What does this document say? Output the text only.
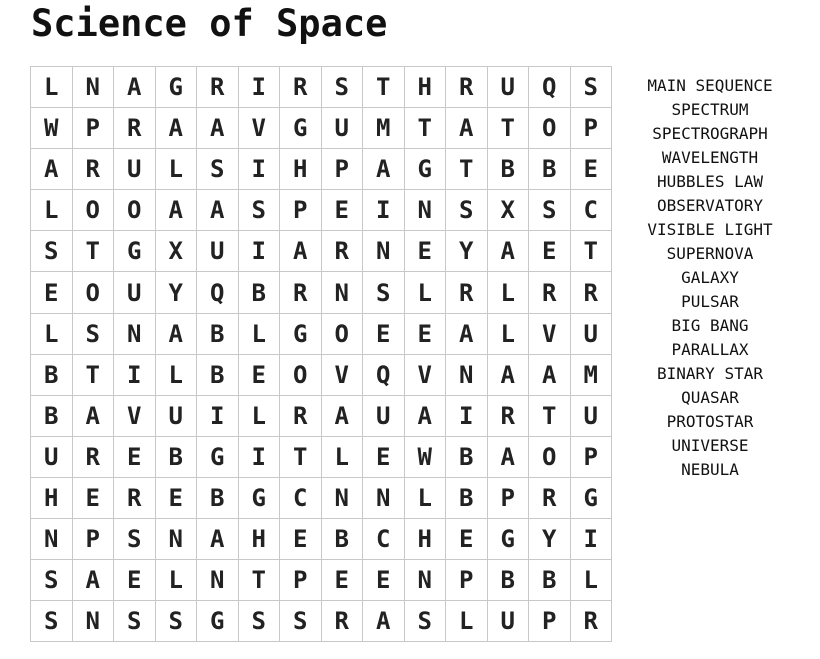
Science of Space
L	N	A	G	R	I	R	S	T	H	R	U	Q	S
W	P	R	A	A	V	G	U	M	T	A	T	O	P
A	R	U	L	S	I	H	P	A	G	T	B	B	E
L	O	O	A	A	S	P	E	I	N	S	X	S	C
S	T	G	X	U	I	A	R	N	E	Y	A	E	T
E	O	U	Y	Q	B	R	N	S	L	R	L	R	R
L	S	N	A	B	L	G	O	E	E	A	L	V	U
B	T	I	L	B	E	O	V	Q	V	N	A	A	M
B	A	V	U	I	L	R	A	U	A	I	R	T	U
U	R	E	B	G	I	T	L	E	W	B	A	O	P
H	E	R	E	B	G	C	N	N	L	B	P	R	G
N	P	S	N	A	H	E	B	C	H	E	G	Y	I
S	A	E	L	N	T	P	E	E	N	P	B	B	L
S	N	S	S	G	S	S	R	A	S	L	U	P	R
MAIN SEQUENCE
SPECTRUM
SPECTROGRAPH
WAVELENGTH
HUBBLES LAW
OBSERVATORY
VISIBLE LIGHT
SUPERNOVA
GALAXY
PULSAR
BIG BANG
PARALLAX
BINARY STAR
QUASAR
PROTOSTAR
UNIVERSE
NEBULA
